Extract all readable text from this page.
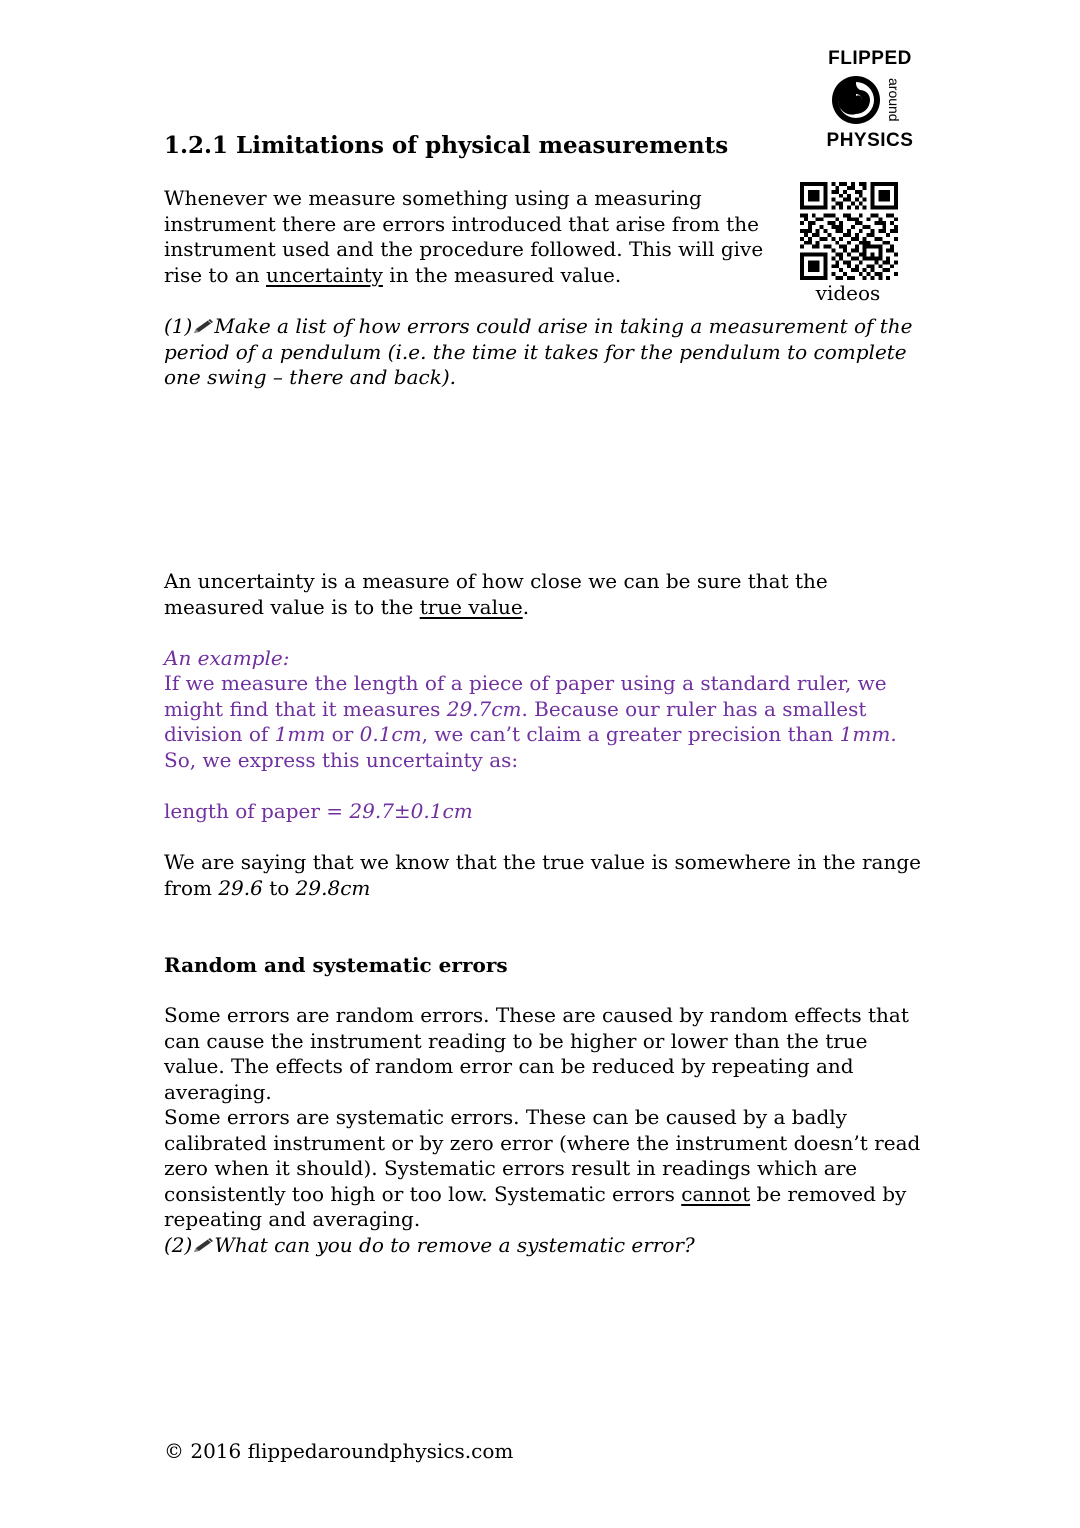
FLIPPED
around
PHYSICS
1.2.1 Limitations of physical measurements
Whenever we measure something using a measuring instrument there are errors introduced that arise from the instrument used and the procedure followed. This will give rise to an uncertainty in the measured value.
videos
(1) Make a list of how errors could arise in taking a measurement of the period of a pendulum (i.e. the time it takes for the pendulum to complete one swing – there and back).
An uncertainty is a measure of how close we can be sure that the measured value is to the true value.
An example:
If we measure the length of a piece of paper using a standard ruler, we might find that it measures 29.7cm. Because our ruler has a smallest division of 1mm or 0.1cm, we can’t claim a greater precision than 1mm. So, we express this uncertainty as:
length of paper = 29.7±0.1cm
We are saying that we know that the true value is somewhere in the range from 29.6 to 29.8cm
Random and systematic errors
Some errors are random errors. These are caused by random effects that can cause the instrument reading to be higher or lower than the true value. The effects of random error can be reduced by repeating and averaging.
Some errors are systematic errors. These can be caused by a badly calibrated instrument or by zero error (where the instrument doesn’t read zero when it should). Systematic errors result in readings which are consistently too high or too low. Systematic errors cannot be removed by repeating and averaging.
(2) What can you do to remove a systematic error?
© 2016 flippedaroundphysics.com
